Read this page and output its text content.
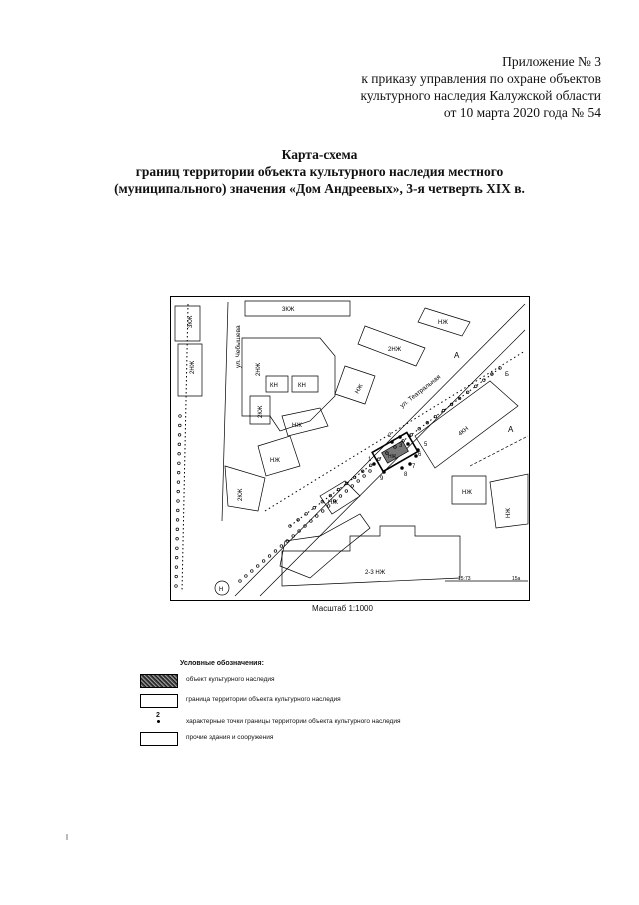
Приложение № 3
к приказу управления по охране объектов
культурного наследия Калужской области
от 10 марта 2020 года № 54
Карта-схема
границ территории объекта культурного наследия местного
(муниципального) значения «Дом Андреевых», 3-я четверть XIX в.
ул. Чебышева
3КЖ
2НЖ
3КЖ
2НЖ
КН	КН
2КЖ
НЖ
НЖ
2КЖ
2НЖ
НЖ
НЖ	ул. Театральная
А
4КН	А
НЖ
НЖ
НЖ
НЖ
1
2
3
4
5
6
7
8
9
2-3 НЖ
15:73	15а
Н
Б
Масштаб 1:1000
Условные обозначения:
объект культурного наследия
граница территории объекта культурного наследия
2
характерные точки границы территории объекта культурного наследия
прочие здания и сооружения
